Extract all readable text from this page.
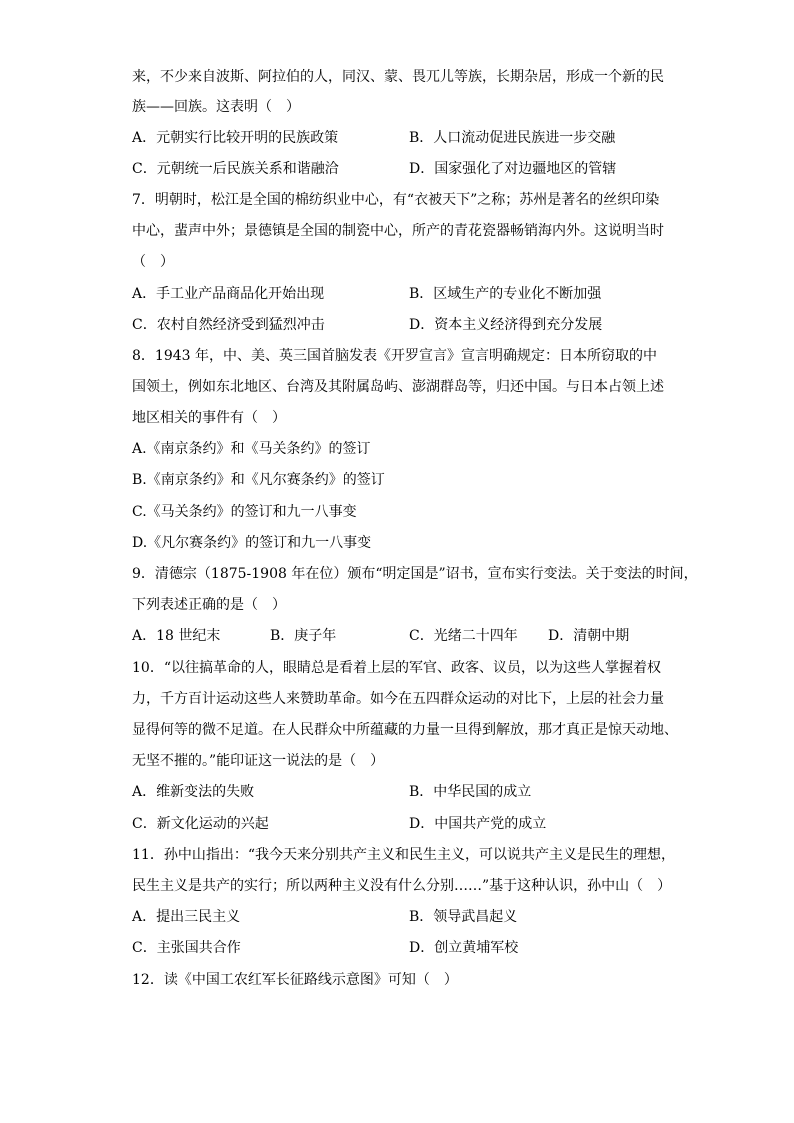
来，不少来自波斯、阿拉伯的人，同汉、蒙、畏兀儿等族，长期杂居，形成一个新的民
族——回族。这表明（　）
A．元朝实行比较开明的民族政策	B．人口流动促进民族进一步交融
C．元朝统一后民族关系和谐融洽	D．国家强化了对边疆地区的管辖
7．明朝时，松江是全国的棉纺织业中心，有“衣被天下”之称；苏州是著名的丝织印染
中心，蜚声中外；景德镇是全国的制瓷中心，所产的青花瓷器畅销海内外。这说明当时
（　）
A．手工业产品商品化开始出现	B．区域生产的专业化不断加强
C．农村自然经济受到猛烈冲击	D．资本主义经济得到充分发展
8．1943 年，中、美、英三国首脑发表《开罗宣言》宣言明确规定：日本所窃取的中
国领土，例如东北地区、台湾及其附属岛屿、澎湖群岛等，归还中国。与日本占领上述
地区相关的事件有（　）
A.《南京条约》和《马关条约》的签订
B.《南京条约》和《凡尔赛条约》的签订
C.《马关条约》的签订和九一八事变
D.《凡尔赛条约》的签订和九一八事变
9．清德宗（1875-1908 年在位）颁布“明定国是”诏书，宣布实行变法。关于变法的时间，
下列表述正确的是（　）
A．18 世纪末	B．庚子年	C．光绪二十四年 D．清朝中期
10．“以往搞革命的人，眼睛总是看着上层的军官、政客、议员，以为这些人掌握着权
力，千方百计运动这些人来赞助革命。如今在五四群众运动的对比下，上层的社会力量
显得何等的微不足道。在人民群众中所蕴藏的力量一旦得到解放，那才真正是惊天动地、
无坚不摧的。”能印证这一说法的是（　）
A．维新变法的失败	B．中华民国的成立
C．新文化运动的兴起	D．中国共产党的成立
11．孙中山指出：“我今天来分别共产主义和民生主义，可以说共产主义是民生的理想，
民生主义是共产的实行；所以两种主义没有什么分别……”基于这种认识，孙中山（　）
A．提出三民主义	B．领导武昌起义
C．主张国共合作	D．创立黄埔军校
12．读《中国工农红军长征路线示意图》可知（　）
